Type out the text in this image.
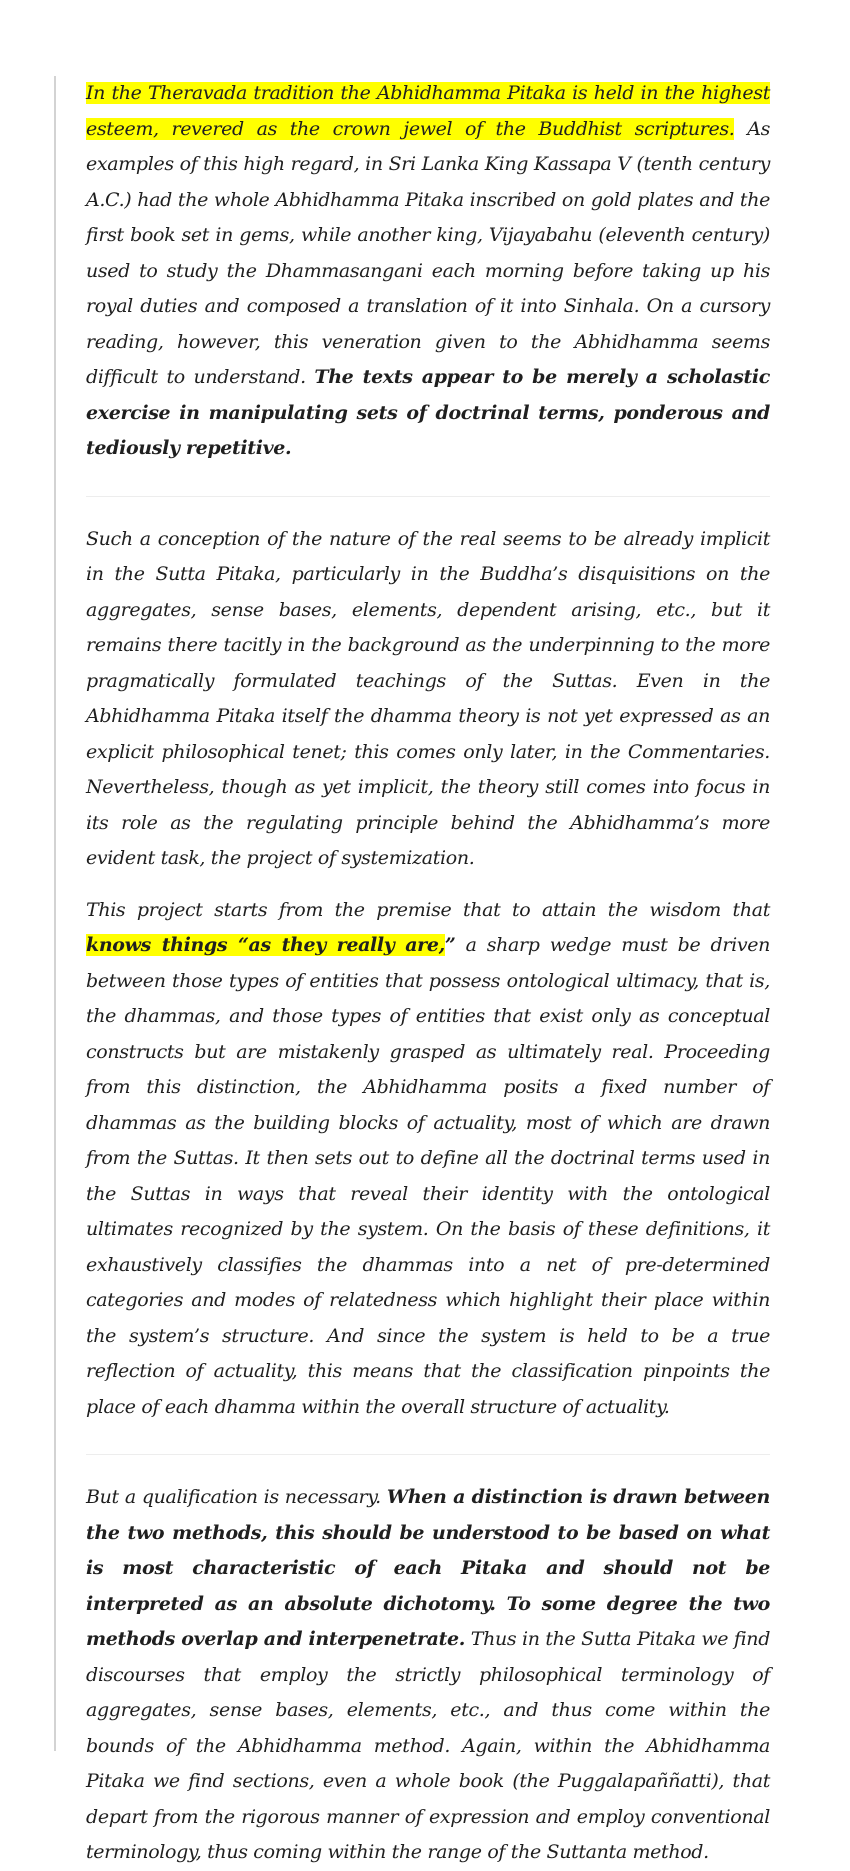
In the Theravada tradition the Abhidhamma Pitaka is held in the highest esteem, revered as the crown jewel of the Buddhist scriptures. As examples of this high regard, in Sri Lanka King Kassapa V (tenth century A.C.) had the whole Abhidhamma Pitaka inscribed on gold plates and the first book set in gems, while another king, Vijayabahu (eleventh century) used to study the Dhammasangani each morning before taking up his royal duties and composed a translation of it into Sinhala. On a cursory reading, however, this veneration given to the Abhidhamma seems difficult to understand. The texts appear to be merely a scholastic exercise in manipulating sets of doctrinal terms, ponderous and tediously repetitive.

Such a conception of the nature of the real seems to be already implicit in the Sutta Pitaka, particularly in the Buddha’s disquisitions on the aggregates, sense bases, elements, dependent arising, etc., but it remains there tacitly in the background as the underpinning to the more pragmatically formulated teachings of the Suttas. Even in the Abhidhamma Pitaka itself the dhamma theory is not yet expressed as an explicit philosophical tenet; this comes only later, in the Commentaries. Nevertheless, though as yet implicit, the theory still comes into focus in its role as the regulating principle behind the Abhidhamma’s more evident task, the project of systemization.

This project starts from the premise that to attain the wisdom that knows things “as they really are,” a sharp wedge must be driven between those types of entities that possess ontological ultimacy, that is, the dhammas, and those types of entities that exist only as conceptual constructs but are mistakenly grasped as ultimately real. Proceeding from this distinction, the Abhidhamma posits a fixed number of dhammas as the building blocks of actuality, most of which are drawn from the Suttas. It then sets out to define all the doctrinal terms used in the Suttas in ways that reveal their identity with the ontological ultimates recognized by the system. On the basis of these definitions, it exhaustively classifies the dhammas into a net of pre-determined categories and modes of relatedness which highlight their place within the system’s structure. And since the system is held to be a true reflection of actuality, this means that the classification pinpoints the place of each dhamma within the overall structure of actuality.

But a qualification is necessary. When a distinction is drawn between the two methods, this should be understood to be based on what is most characteristic of each Pitaka and should not be interpreted as an absolute dichotomy. To some degree the two methods overlap and interpenetrate. Thus in the Sutta Pitaka we find discourses that employ the strictly philosophical terminology of aggregates, sense bases, elements, etc., and thus come within the bounds of the Abhidhamma method. Again, within the Abhidhamma Pitaka we find sections, even a whole book (the Puggalapaññatti), that depart from the rigorous manner of expression and employ conventional terminology, thus coming within the range of the Suttanta method.
